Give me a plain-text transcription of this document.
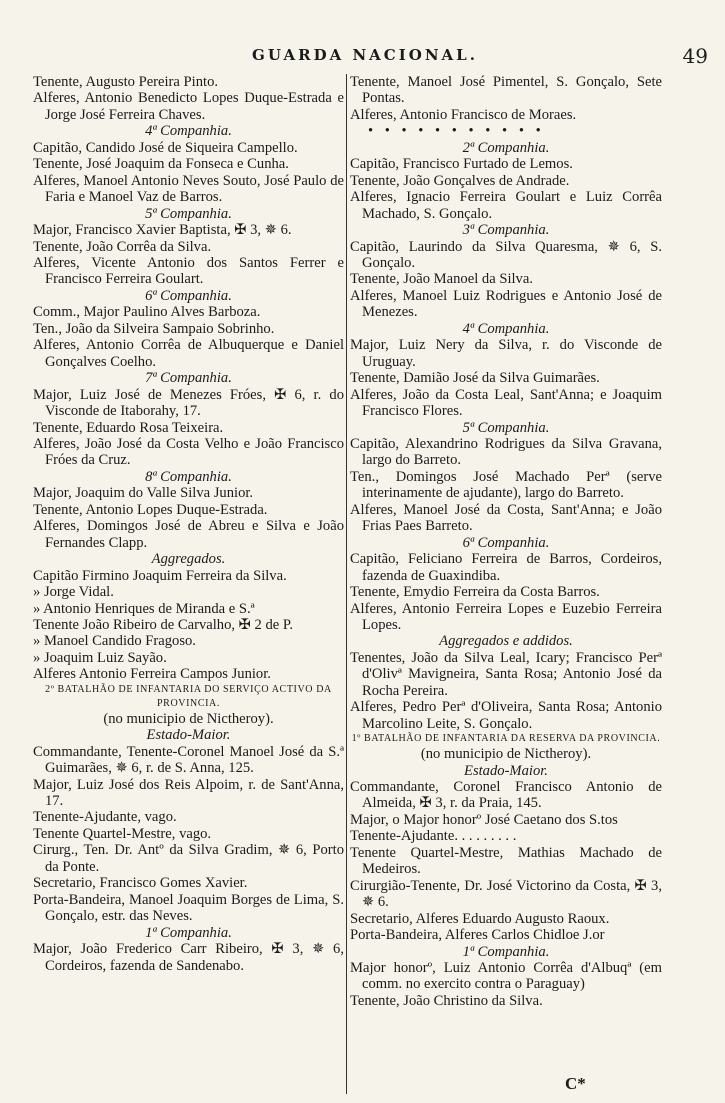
GUARDA NACIONAL.	49
Tenente, Augusto Pereira Pinto.
Alferes, Antonio Benedicto Lopes Duque-Estrada e Jorge José Ferreira Chaves.
4ª Companhia.
Capitão, Candido José de Siqueira Campello.
Tenente, José Joaquim da Fonseca e Cunha.
Alferes, Manoel Antonio Neves Souto, José Paulo de Faria e Manoel Vaz de Barros.
5ª Companhia.
Major, Francisco Xavier Baptista, ✠ 3, ✵ 6.
Tenente, João Corrêa da Silva.
Alferes, Vicente Antonio dos Santos Ferrer e Francisco Ferreira Goulart.
6ª Companhia.
Comm., Major Paulino Alves Barboza.
Ten., João da Silveira Sampaio Sobrinho.
Alferes, Antonio Corrêa de Albuquerque e Daniel Gonçalves Coelho.
7ª Companhia.
Major, Luiz José de Menezes Fróes, ✠ 6, r. do Visconde de Itaborahy, 17.
Tenente, Eduardo Rosa Teixeira.
Alferes, João José da Costa Velho e João Francisco Fróes da Cruz.
8ª Companhia.
Major, Joaquim do Valle Silva Junior.
Tenente, Antonio Lopes Duque-Estrada.
Alferes, Domingos José de Abreu e Silva e João Fernandes Clapp.
Aggregados.
Capitão Firmino Joaquim Ferreira da Silva.
» Jorge Vidal.
» Antonio Henriques de Miranda e S.ª
Tenente João Ribeiro de Carvalho, ✠ 2 de P.
» Manoel Candido Fragoso.
» Joaquim Luiz Sayão.
Alferes Antonio Ferreira Campos Junior.
2º BATALHÃO DE INFANTARIA DO SERVIÇO ACTIVO DA PROVINCIA.
(no municipio de Nictheroy).
Estado-Maior.
Commandante, Tenente-Coronel Manoel José da S.ª Guimarães, ✵ 6, r. de S. Anna, 125.
Major, Luiz José dos Reis Alpoim, r. de Sant'Anna, 17.
Tenente-Ajudante, vago.
Tenente Quartel-Mestre, vago.
Cirurg., Ten. Dr. Antº da Silva Gradim, ✵ 6, Porto da Ponte.
Secretario, Francisco Gomes Xavier.
Porta-Bandeira, Manoel Joaquim Borges de Lima, S. Gonçalo, estr. das Neves.
1ª Companhia.
Major, João Frederico Carr Ribeiro, ✠ 3, ✵ 6, Cordeiros, fazenda de Sandenabo.
Tenente, Manoel José Pimentel, S. Gonçalo, Sete Pontas.
Alferes, Antonio Francisco de Moraes.
• • • • • • • • • • •
2ª Companhia.
Capitão, Francisco Furtado de Lemos.
Tenente, João Gonçalves de Andrade.
Alferes, Ignacio Ferreira Goulart e Luiz Corrêa Machado, S. Gonçalo.
3ª Companhia.
Capitão, Laurindo da Silva Quaresma, ✵ 6, S. Gonçalo.
Tenente, João Manoel da Silva.
Alferes, Manoel Luiz Rodrigues e Antonio José de Menezes.
4ª Companhia.
Major, Luiz Nery da Silva, r. do Visconde de Uruguay.
Tenente, Damião José da Silva Guimarães.
Alferes, João da Costa Leal, Sant'Anna; e Joaquim Francisco Flores.
5ª Companhia.
Capitão, Alexandrino Rodrigues da Silva Gravana, largo do Barreto.
Ten., Domingos José Machado Perª (serve interinamente de ajudante), largo do Barreto.
Alferes, Manoel José da Costa, Sant'Anna; e João Frias Paes Barreto.
6ª Companhia.
Capitão, Feliciano Ferreira de Barros, Cordeiros, fazenda de Guaxindiba.
Tenente, Emydio Ferreira da Costa Barros.
Alferes, Antonio Ferreira Lopes e Euzebio Ferreira Lopes.
Aggregados e addidos.
Tenentes, João da Silva Leal, Icary; Francisco Perª d'Olivª Mavigneira, Santa Rosa; Antonio José da Rocha Pereira.
Alferes, Pedro Perª d'Oliveira, Santa Rosa; Antonio Marcolino Leite, S. Gonçalo.
1º BATALHÃO DE INFANTARIA DA RESERVA DA PROVINCIA.
(no municipio de Nictheroy).
Estado-Maior.
Commandante, Coronel Francisco Antonio de Almeida, ✠ 3, r. da Praia, 145.
Major, o Major honorº José Caetano dos S.tos
Tenente-Ajudante. . . . . . . . .
Tenente Quartel-Mestre, Mathias Machado de Medeiros.
Cirurgião-Tenente, Dr. José Victorino da Costa, ✠ 3, ✵ 6.
Secretario, Alferes Eduardo Augusto Raoux.
Porta-Bandeira, Alferes Carlos Chidloe J.or
1ª Companhia.
Major honorº, Luiz Antonio Corrêa d'Albuqª (em comm. no exercito contra o Paraguay)
Tenente, João Christino da Silva.
C*
